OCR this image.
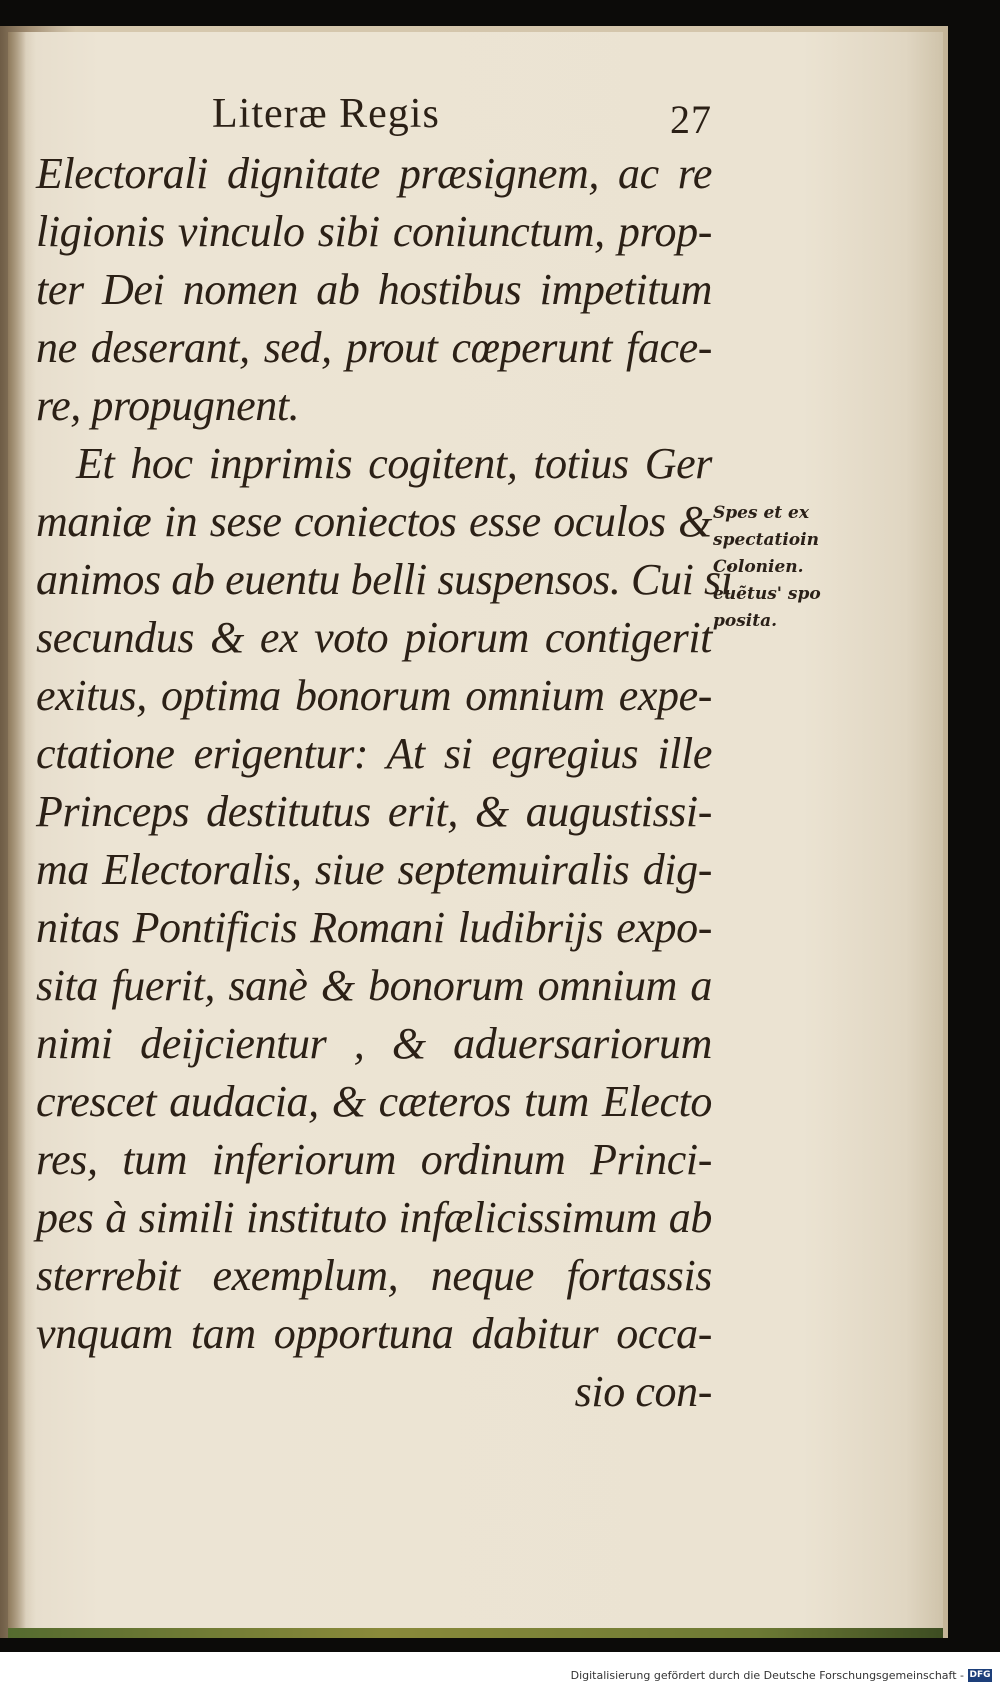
Literæ Regis	27
Electorali dignitate præsignem, ac re
ligionis vinculo sibi coniunctum, prop-
ter Dei nomen ab hostibus impetitum
ne deserant, sed, prout cœperunt face-
re, propugnent.
Et hoc inprimis cogitent, totius Ger
maniæ in sese coniectos esse oculos &
animos ab euentu belli suspensos. Cui si
secundus & ex voto piorum contigerit
exitus, optima bonorum omnium expe-
ctatione erigentur: At si egregius ille
Princeps destitutus erit, & augustissi-
ma Electoralis, siue septemuiralis dig-
nitas Pontificis Romani ludibrijs expo-
sita fuerit, sanè & bonorum omnium a
nimi deijcientur , & aduersariorum
crescet audacia, & cæteros tum Electo
res, tum inferiorum ordinum Princi-
pes à simili instituto infælicissimum ab
sterrebit exemplum, neque fortassis
vnquam tam opportuna dabitur occa-
sio con-
Spes et ex
spectatioin
Colonien.
euẽtus' spo
posita.
Digitalisierung gefördert durch die Deutsche Forschungsgemeinschaft - DFG
